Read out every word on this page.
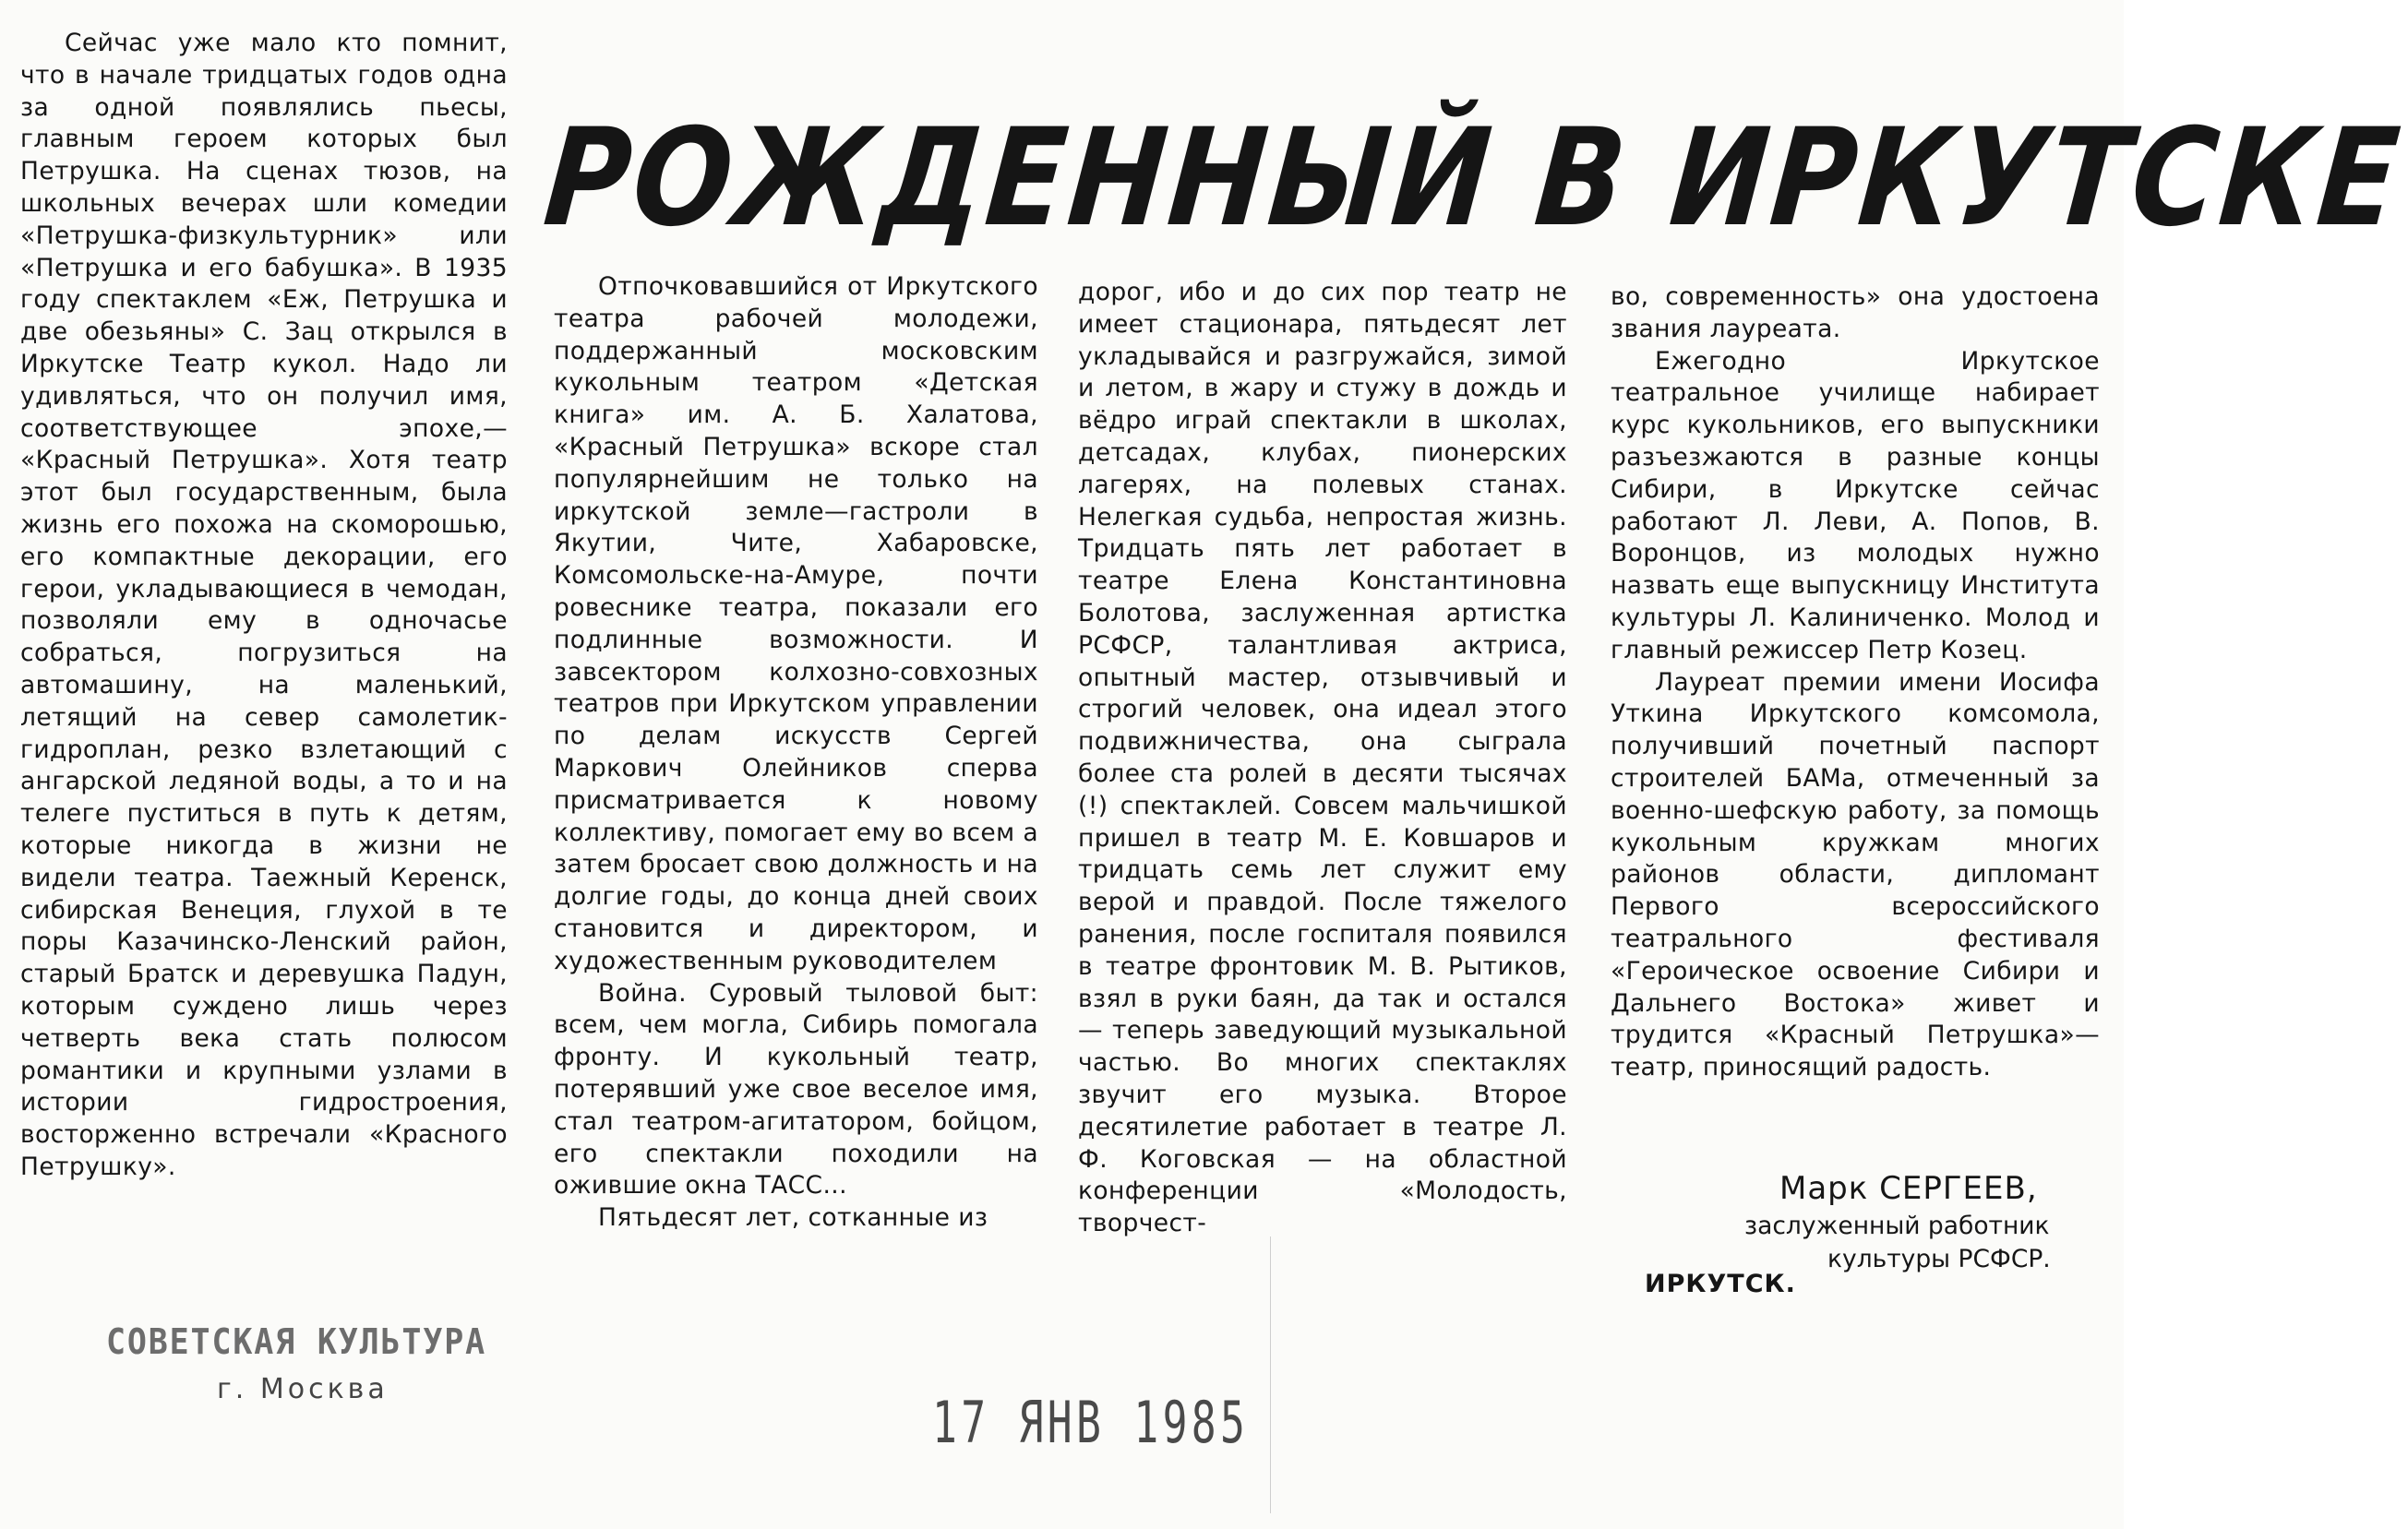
РОЖДЕННЫЙ В ИРКУТСКЕ

Сейчас уже мало кто помнит, что в начале тридцатых годов одна за одной появлялись пьесы, главным героем которых был Петрушка. На сценах тюзов, на школьных вечерах шли комедии «Петрушка-физкультурник» или «Петрушка и его бабушка». В 1935 году спектаклем «Еж, Петрушка и две обезьяны» С. Зац открылся в Иркутске Театр кукол. Надо ли удивляться, что он получил имя, соответствующее эпохе,— «Красный Петрушка». Хотя театр этот был государственным, была жизнь его похожа на скоморошью, его компактные декорации, его герои, укладывающиеся в чемодан, позволяли ему в одночасье собраться, погрузиться на автомашину, на маленький, летящий на север самолетик-гидроплан, резко взлетающий с ангарской ледяной воды, а то и на телеге пуститься в путь к детям, которые никогда в жизни не видели театра. Таежный Керенск, сибирская Венеция, глухой в те поры Казачинско-Ленский район, старый Братск и деревушка Падун, которым суждено лишь через четверть века стать полюсом романтики и крупными узлами в истории гидростроения, восторженно встречали «Красного Петрушку».

Отпочковавшийся от Иркутского театра рабочей молодежи, поддержанный московским кукольным театром «Детская книга» им. А. Б. Халатова, «Красный Петрушка» вскоре стал популярнейшим не только на иркутской земле—гастроли в Якутии, Чите, Хабаровске, Комсомольске-на-Амуре, почти ровеснике театра, показали его подлинные возможности. И завсектором колхозно-совхозных театров при Иркутском управлении по делам искусств Сергей Маркович Олейников сперва присматривается к новому коллективу, помогает ему во всем а затем бросает свою должность и на долгие годы, до конца дней своих становится и директором, и художественным руководителем

Война. Суровый тыловой быт: всем, чем могла, Сибирь помогала фронту. И кукольный театр, потерявший уже свое веселое имя, стал театром-агитатором, бойцом, его спектакли походили на ожившие окна ТАСС...

Пятьдесят лет, сотканные из

дорог, ибо и до сих пор театр не имеет стационара, пятьдесят лет укладывайся и разгружайся, зимой и летом, в жару и стужу в дождь и вёдро играй спектакли в школах, детсадах, клубах, пионерских лагерях, на полевых станах. Нелегкая судьба, непростая жизнь. Тридцать пять лет работает в театре Елена Константиновна Болотова, заслуженная артистка РСФСР, талантливая актриса, опытный мастер, отзывчивый и строгий человек, она идеал этого подвижничества, она сыграла более ста ролей в десяти тысячах (!) спектаклей. Совсем мальчишкой пришел в театр М. Е. Ковшаров и тридцать семь лет служит ему верой и правдой. После тяжелого ранения, после госпиталя появился в театре фронтовик М. В. Рытиков, взял в руки баян, да так и остался — теперь заведующий музыкальной частью. Во многих спектаклях звучит его музыка. Второе десятилетие работает в театре Л. Ф. Коговская — на областной конференции «Молодость, творчест-

во, современность» она удостоена звания лауреата.

Ежегодно Иркутское театральное училище набирает курс кукольников, его выпускники разъезжаются в разные концы Сибири, в Иркутске сейчас работают Л. Леви, А. Попов, В. Воронцов, из молодых нужно назвать еще выпускницу Института культуры Л. Калиниченко. Молод и главный режиссер Петр Козец.

Лауреат премии имени Иосифа Уткина Иркутского комсомола, получивший почетный паспорт строителей БАМа, отмеченный за военно-шефскую работу, за помощь кукольным кружкам многих районов области, дипломант Первого всероссийского театрального фестиваля «Героическое освоение Сибири и Дальнего Востока» живет и трудится «Красный Петрушка»—театр, приносящий радость.

Марк СЕРГЕЕВ,
заслуженный работник
культуры РСФСР.
ИРКУТСК.
СОВЕТСКАЯ КУЛЬТУРА
г. Москва	17 ЯНВ 1985
